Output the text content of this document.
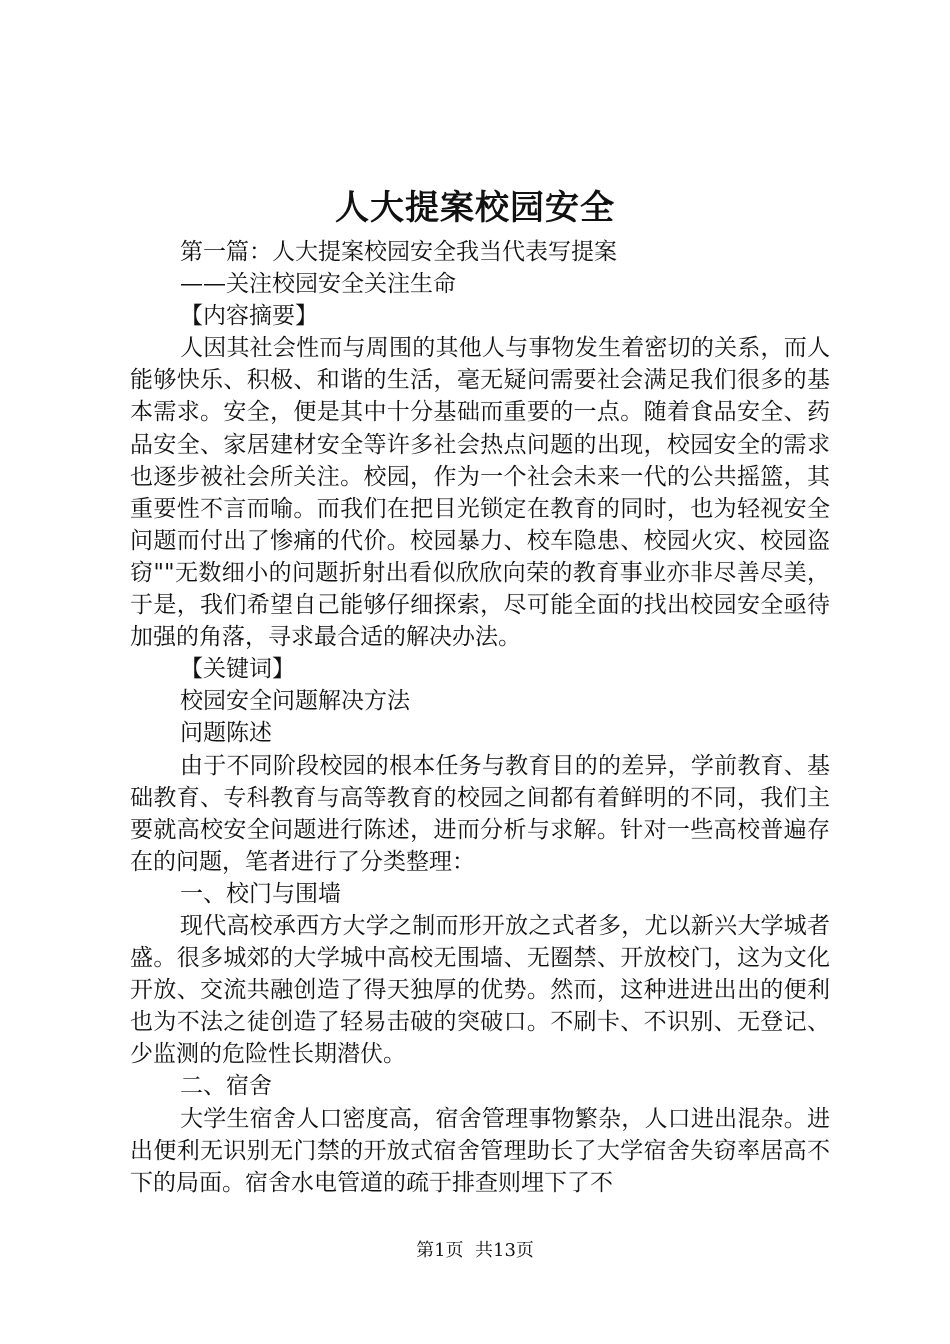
人大提案校园安全

第一篇：人大提案校园安全我当代表写提案

——关注校园安全关注生命

【内容摘要】

人因其社会性而与周围的其他人与事物发生着密切的关系，而人能够快乐、积极、和谐的生活，毫无疑问需要社会满足我们很多的基本需求。安全，便是其中十分基础而重要的一点。随着食品安全、药品安全、家居建材安全等许多社会热点问题的出现，校园安全的需求也逐步被社会所关注。校园，作为一个社会未来一代的公共摇篮，其重要性不言而喻。而我们在把目光锁定在教育的同时，也为轻视安全问题而付出了惨痛的代价。校园暴力、校车隐患、校园火灾、校园盗窃""无数细小的问题折射出看似欣欣向荣的教育事业亦非尽善尽美，于是，我们希望自己能够仔细探索，尽可能全面的找出校园安全亟待加强的角落，寻求最合适的解决办法。

【关键词】

校园安全问题解决方法

问题陈述

由于不同阶段校园的根本任务与教育目的的差异，学前教育、基础教育、专科教育与高等教育的校园之间都有着鲜明的不同，我们主要就高校安全问题进行陈述，进而分析与求解。针对一些高校普遍存在的问题，笔者进行了分类整理：

一、校门与围墙

现代高校承西方大学之制而形开放之式者多，尤以新兴大学城者盛。很多城郊的大学城中高校无围墙、无圈禁、开放校门，这为文化开放、交流共融创造了得天独厚的优势。然而，这种进进出出的便利也为不法之徒创造了轻易击破的突破口。不刷卡、不识别、无登记、少监测的危险性长期潜伏。

二、宿舍

大学生宿舍人口密度高，宿舍管理事物繁杂，人口进出混杂。进出便利无识别无门禁的开放式宿舍管理助长了大学宿舍失窃率居高不下的局面。宿舍水电管道的疏于排查则埋下了不

第1页 共13页
